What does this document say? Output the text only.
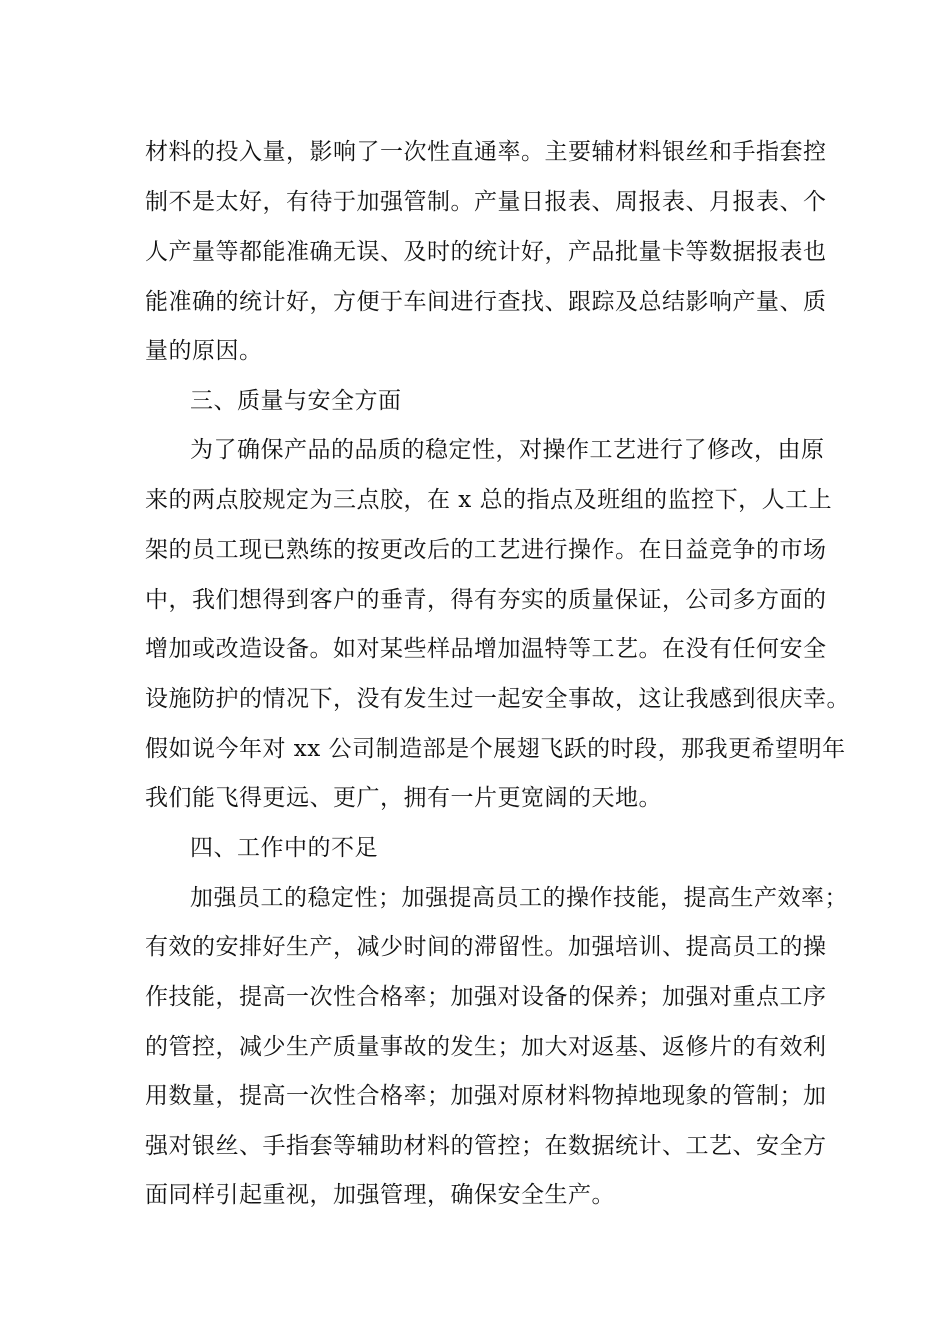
材料的投入量，影响了一次性直通率。主要辅材料银丝和手指套控
制不是太好，有待于加强管制。产量日报表、周报表、月报表、个
人产量等都能准确无误、及时的统计好，产品批量卡等数据报表也
能准确的统计好，方便于车间进行查找、跟踪及总结影响产量、质
量的原因。
三、质量与安全方面
为了确保产品的品质的稳定性，对操作工艺进行了修改，由原
来的两点胶规定为三点胶，在 x 总的指点及班组的监控下，人工上
架的员工现已熟练的按更改后的工艺进行操作。在日益竞争的市场
中，我们想得到客户的垂青，得有夯实的质量保证，公司多方面的
增加或改造设备。如对某些样品增加温特等工艺。在没有任何安全
设施防护的情况下，没有发生过一起安全事故，这让我感到很庆幸。
假如说今年对 xx 公司制造部是个展翅飞跃的时段，那我更希望明年
我们能飞得更远、更广，拥有一片更宽阔的天地。
四、工作中的不足
加强员工的稳定性；加强提高员工的操作技能，提高生产效率；
有效的安排好生产，减少时间的滞留性。加强培训、提高员工的操
作技能，提高一次性合格率；加强对设备的保养；加强对重点工序
的管控，减少生产质量事故的发生；加大对返基、返修片的有效利
用数量，提高一次性合格率；加强对原材料物掉地现象的管制；加
强对银丝、手指套等辅助材料的管控；在数据统计、工艺、安全方
面同样引起重视，加强管理，确保安全生产。
